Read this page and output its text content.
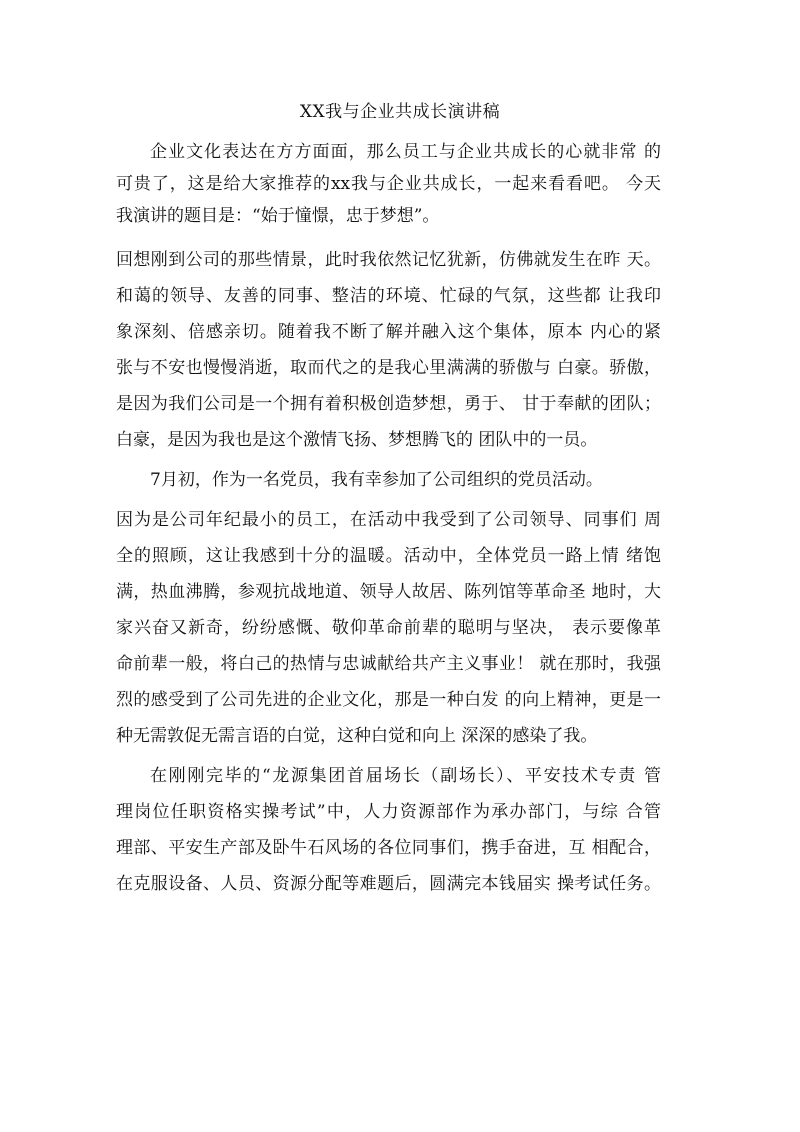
XX我与企业共成长演讲稿
企业文化表达在方方面面，那么员工与企业共成长的心就非常 的
可贵了，这是给大家推荐的xx我与企业共成长，一起来看看吧。 今天
我演讲的题目是：“始于憧憬，忠于梦想”。
回想刚到公司的那些情景，此时我依然记忆犹新，仿佛就发生在昨 天。
和蔼的领导、友善的同事、整洁的环境、忙碌的气氛，这些都 让我印
象深刻、倍感亲切。随着我不断了解并融入这个集体，原本 内心的紧
张与不安也慢慢消逝，取而代之的是我心里满满的骄傲与 白豪。骄傲，
是因为我们公司是一个拥有着积极创造梦想，勇于、 甘于奉献的团队；
白豪，是因为我也是这个激情飞扬、梦想腾飞的 团队中的一员。
7月初，作为一名党员，我有幸参加了公司组织的党员活动。
因为是公司年纪最小的员工，在活动中我受到了公司领导、同事们 周
全的照顾，这让我感到十分的温暖。活动中，全体党员一路上情 绪饱
满，热血沸腾，参观抗战地道、领导人故居、陈列馆等革命圣 地时，大
家兴奋又新奇，纷纷感慨、敬仰革命前辈的聪明与坚决， 表示要像革
命前辈一般，将白己的热情与忠诚献给共产主义事业！ 就在那时，我强
烈的感受到了公司先进的企业文化，那是一种白发 的向上精神，更是一
种无需敦促无需言语的白觉，这种白觉和向上 深深的感染了我。
在刚刚完毕的“龙源集团首届场长（副场长）、平安技术专责 管
理岗位任职资格实操考试”中，人力资源部作为承办部门，与综 合管
理部、平安生产部及卧牛石风场的各位同事们，携手奋进，互 相配合，
在克服设备、人员、资源分配等难题后，圆满完本钱届实 操考试任务。
